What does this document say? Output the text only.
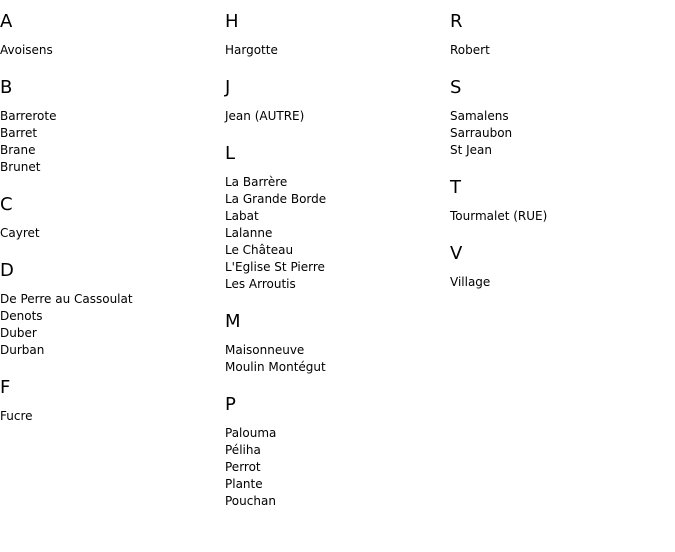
A
Avoisens
B
Barrerote
Barret
Brane
Brunet
C
Cayret
D
De Perre au Cassoulat
Denots
Duber
Durban
F
Fucre
H
Hargotte
J
Jean (AUTRE)
L
La Barrère
La Grande Borde
Labat
Lalanne
Le Château
L'Eglise St Pierre
Les Arroutis
M
Maisonneuve
Moulin Montégut
P
Palouma
Péliha
Perrot
Plante
Pouchan
R
Robert
S
Samalens
Sarraubon
St Jean
T
Tourmalet (RUE)
V
Village
